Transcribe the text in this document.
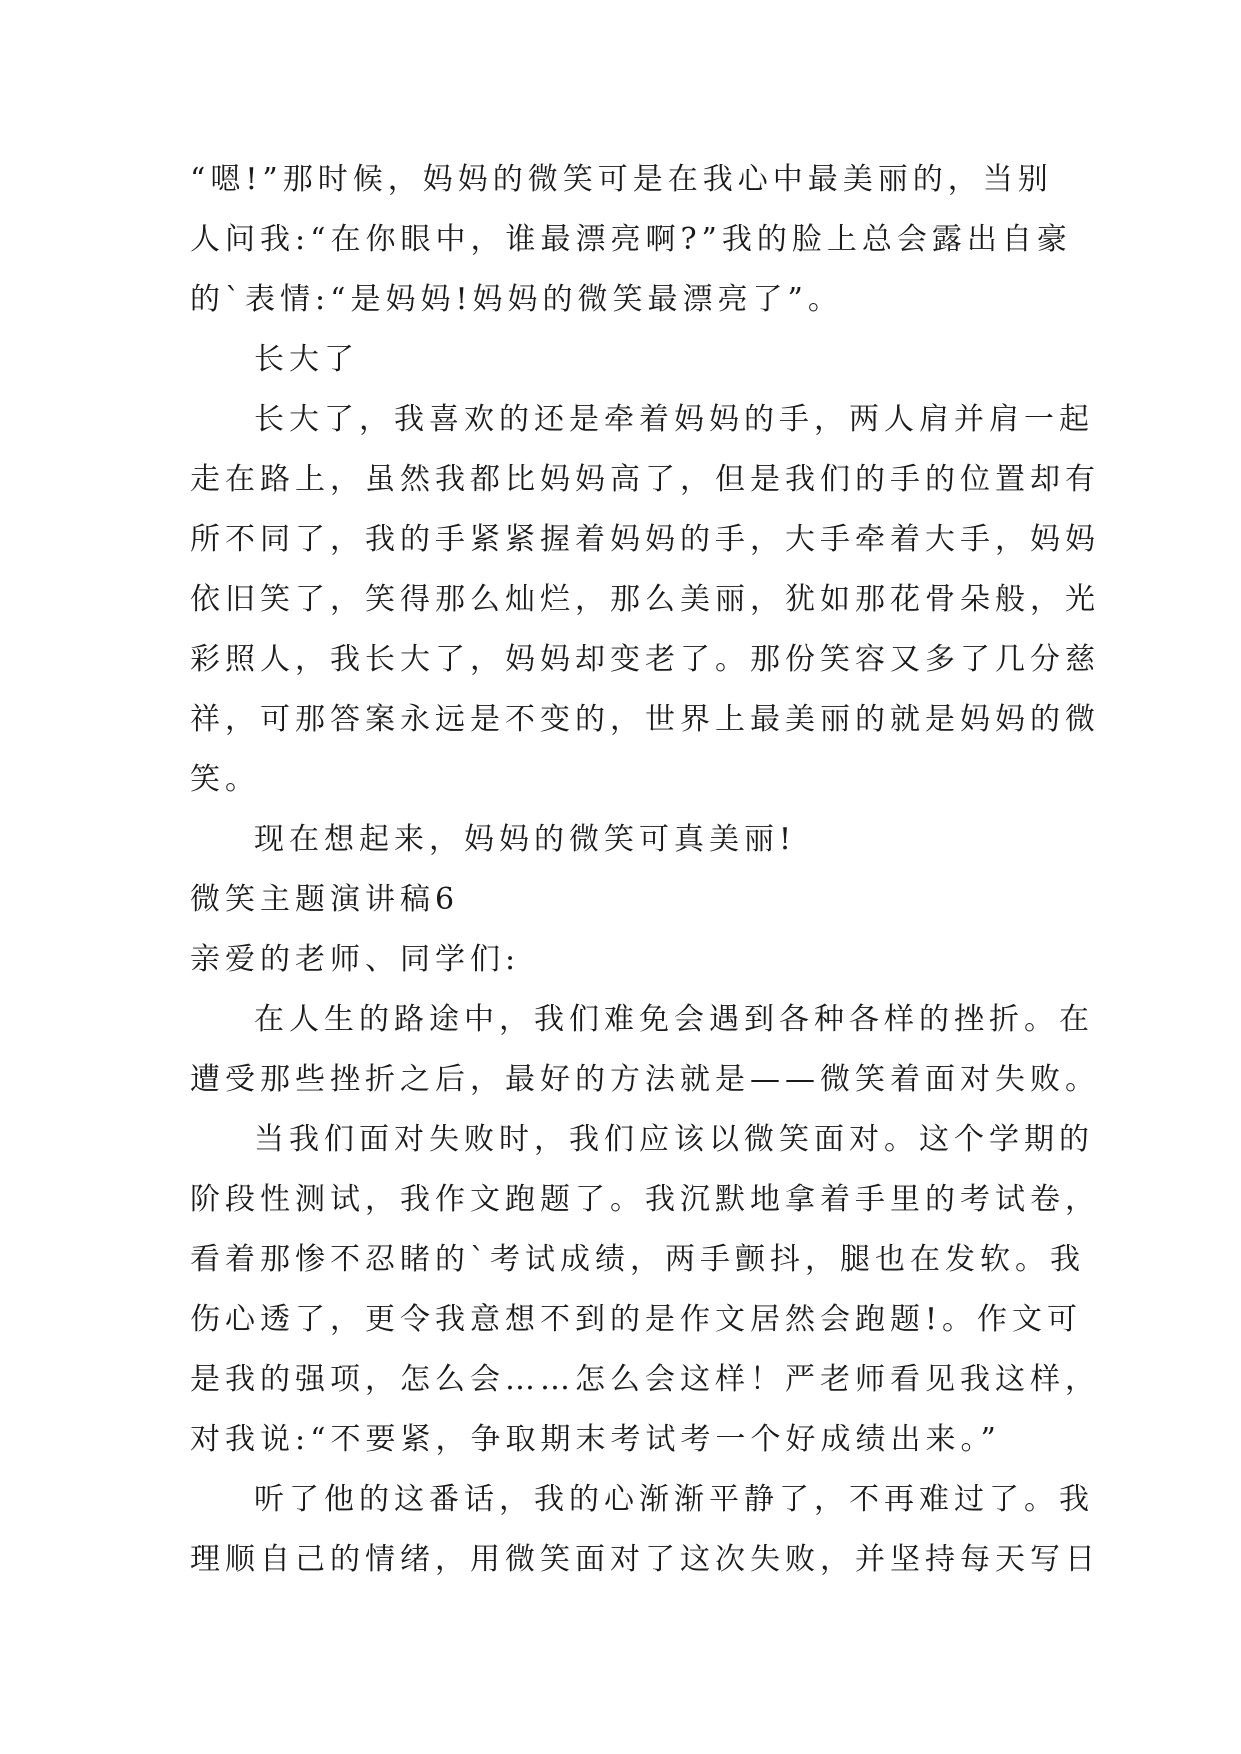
“嗯!”那时候，妈妈的微笑可是在我心中最美丽的，当别
人问我:“在你眼中，谁最漂亮啊?”我的脸上总会露出自豪
的`表情:“是妈妈!妈妈的微笑最漂亮了”。
长大了
长大了，我喜欢的还是牵着妈妈的手，两人肩并肩一起
走在路上，虽然我都比妈妈高了，但是我们的手的位置却有
所不同了，我的手紧紧握着妈妈的手，大手牵着大手，妈妈
依旧笑了，笑得那么灿烂，那么美丽，犹如那花骨朵般，光
彩照人，我长大了，妈妈却变老了。那份笑容又多了几分慈
祥，可那答案永远是不变的，世界上最美丽的就是妈妈的微
笑。
现在想起来，妈妈的微笑可真美丽!
微笑主题演讲稿6
亲爱的老师、同学们:
在人生的路途中，我们难免会遇到各种各样的挫折。在
遭受那些挫折之后，最好的方法就是——微笑着面对失败。
当我们面对失败时，我们应该以微笑面对。这个学期的
阶段性测试，我作文跑题了。我沉默地拿着手里的考试卷，
看着那惨不忍睹的`考试成绩，两手颤抖，腿也在发软。我
伤心透了，更令我意想不到的是作文居然会跑题!。作文可
是我的强项，怎么会……怎么会这样！严老师看见我这样，
对我说:“不要紧，争取期末考试考一个好成绩出来。”
听了他的这番话，我的心渐渐平静了，不再难过了。我
理顺自己的情绪，用微笑面对了这次失败，并坚持每天写日
